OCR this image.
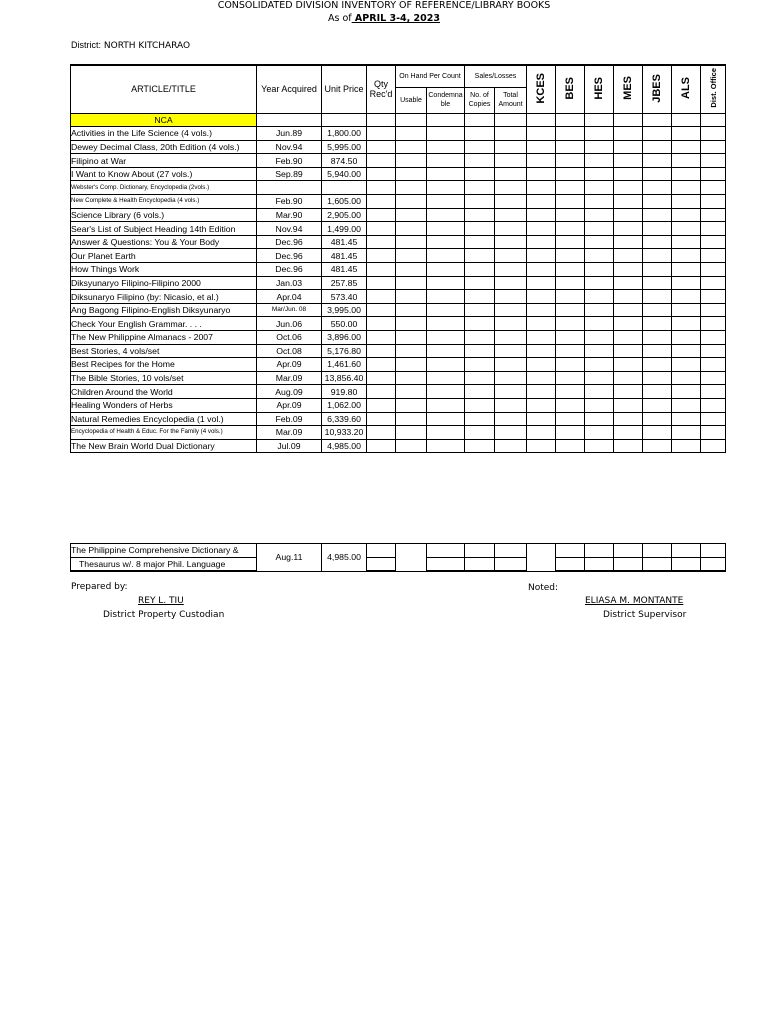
CONSOLIDATED DIVISION INVENTORY OF REFERENCE/LIBRARY BOOKS
As of APRIL 3-4, 2023
District: NORTH KITCHARAO
ARTICLE/TITLE	Year Acquired	Unit Price	Qty Rec'd	On Hand Per Count		Sales/Losses		KCES	BES	HES	MES	JBES	ALS	Dist. Office
				Usable	Condemna ble	No. of Copies	Total Amount							
NCA														
Activities in the Life Science (4 vols.)	Jun.89	1,800.00												
Dewey Decimal Class, 20th Edition (4 vols.)	Nov.94	5,995.00												
Filipino at War	Feb.90	874.50												
I Want to Know About (27 vols.)	Sep.89	5,940.00												
Webster's Comp. Dictionary, Encyclopedia (2vols.)														
New Complete & Health Encyclopedia (4 vols.)	Feb.90	1,605.00												
Science Library (6 vols.)	Mar.90	2,905.00												
Sear's List of Subject Heading 14th Edition	Nov.94	1,499.00												
Answer & Questions: You & Your Body	Dec.96	481.45												
Our Planet Earth	Dec.96	481.45												
How Things Work	Dec.96	481.45												
Diksyunaryo Filipino-Filipino 2000	Jan.03	257.85												
Diksunaryo Filipino (by: Nicasio, et al.)	Apr.04	573.40												
Ang Bagong Filipino-English Diksyunaryo	Mar/Jun. 08	3,995.00												
Check Your English Grammar. . . .	Jun.06	550.00												
The New Philippine Almanacs - 2007	Oct.06	3,896.00												
Best Stories, 4 vols/set	Oct.08	5,176.80												
Best Recipes for the Home	Apr.09	1,461.60												
The Bible Stories, 10 vols/set	Mar.09	13,856.40												
Children Around the World	Aug.09	919.80												
Healing Wonders of Herbs	Apr.09	1,062.00												
Natural Remedies Encyclopedia (1 vol.)	Feb.09	6,339.60												
Encyclopedia of Health & Educ. For the Family (4 vols.)	Mar.09	10,933.20												
The New Brain World Dual Dictionary	Jul.09	4,985.00												
The Philippine Comprehensive Dictionary &	Aug.11	4,985.00												
Thesaurus w/. 8 major Phil. Language														
Prepared by:
REY L. TIU
District Property Custodian
Noted:
ELIASA M. MONTANTE
District Supervisor
